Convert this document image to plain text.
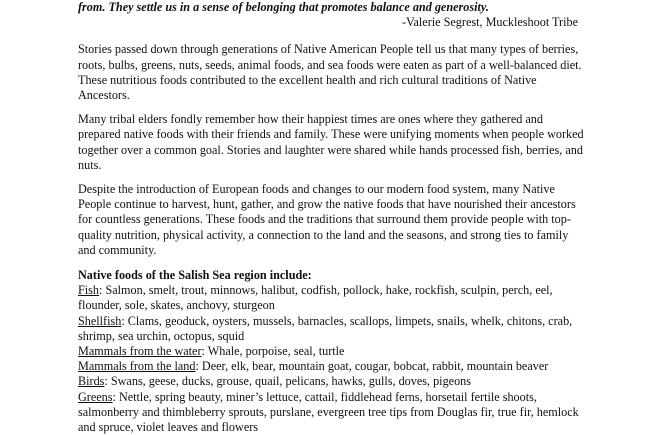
from. They settle us in a sense of belonging that promotes balance and generosity.
-Valerie Segrest, Muckleshoot Tribe

Stories passed down through generations of Native American People tell us that many types of berries, roots, bulbs, greens, nuts, seeds, animal foods, and sea foods were eaten as part of a well-balanced diet. These nutritious foods contributed to the excellent health and rich cultural traditions of Native Ancestors.

Many tribal elders fondly remember how their happiest times are ones where they gathered and prepared native foods with their friends and family. These were unifying moments when people worked together over a common goal. Stories and laughter were shared while hands processed fish, berries, and nuts.

Despite the introduction of European foods and changes to our modern food system, many Native People continue to harvest, hunt, gather, and grow the native foods that have nourished their ancestors for countless generations. These foods and the traditions that surround them provide people with top-quality nutrition, physical activity, a connection to the land and the seasons, and strong ties to family and community.

Native foods of the Salish Sea region include:
Fish: Salmon, smelt, trout, minnows, halibut, codfish, pollock, hake, rockfish, sculpin, perch, eel, flounder, sole, skates, anchovy, sturgeon
Shellfish: Clams, geoduck, oysters, mussels, barnacles, scallops, limpets, snails, whelk, chitons, crab, shrimp, sea urchin, octopus, squid
Mammals from the water: Whale, porpoise, seal, turtle
Mammals from the land: Deer, elk, bear, mountain goat, cougar, bobcat, rabbit, mountain beaver
Birds: Swans, geese, ducks, grouse, quail, pelicans, hawks, gulls, doves, pigeons
Greens: Nettle, spring beauty, miner’s lettuce, cattail, fiddlehead ferns, horsetail fertile shoots, salmonberry and thimbleberry sprouts, purslane, evergreen tree tips from Douglas fir, true fir, hemlock and spruce, violet leaves and flowers
